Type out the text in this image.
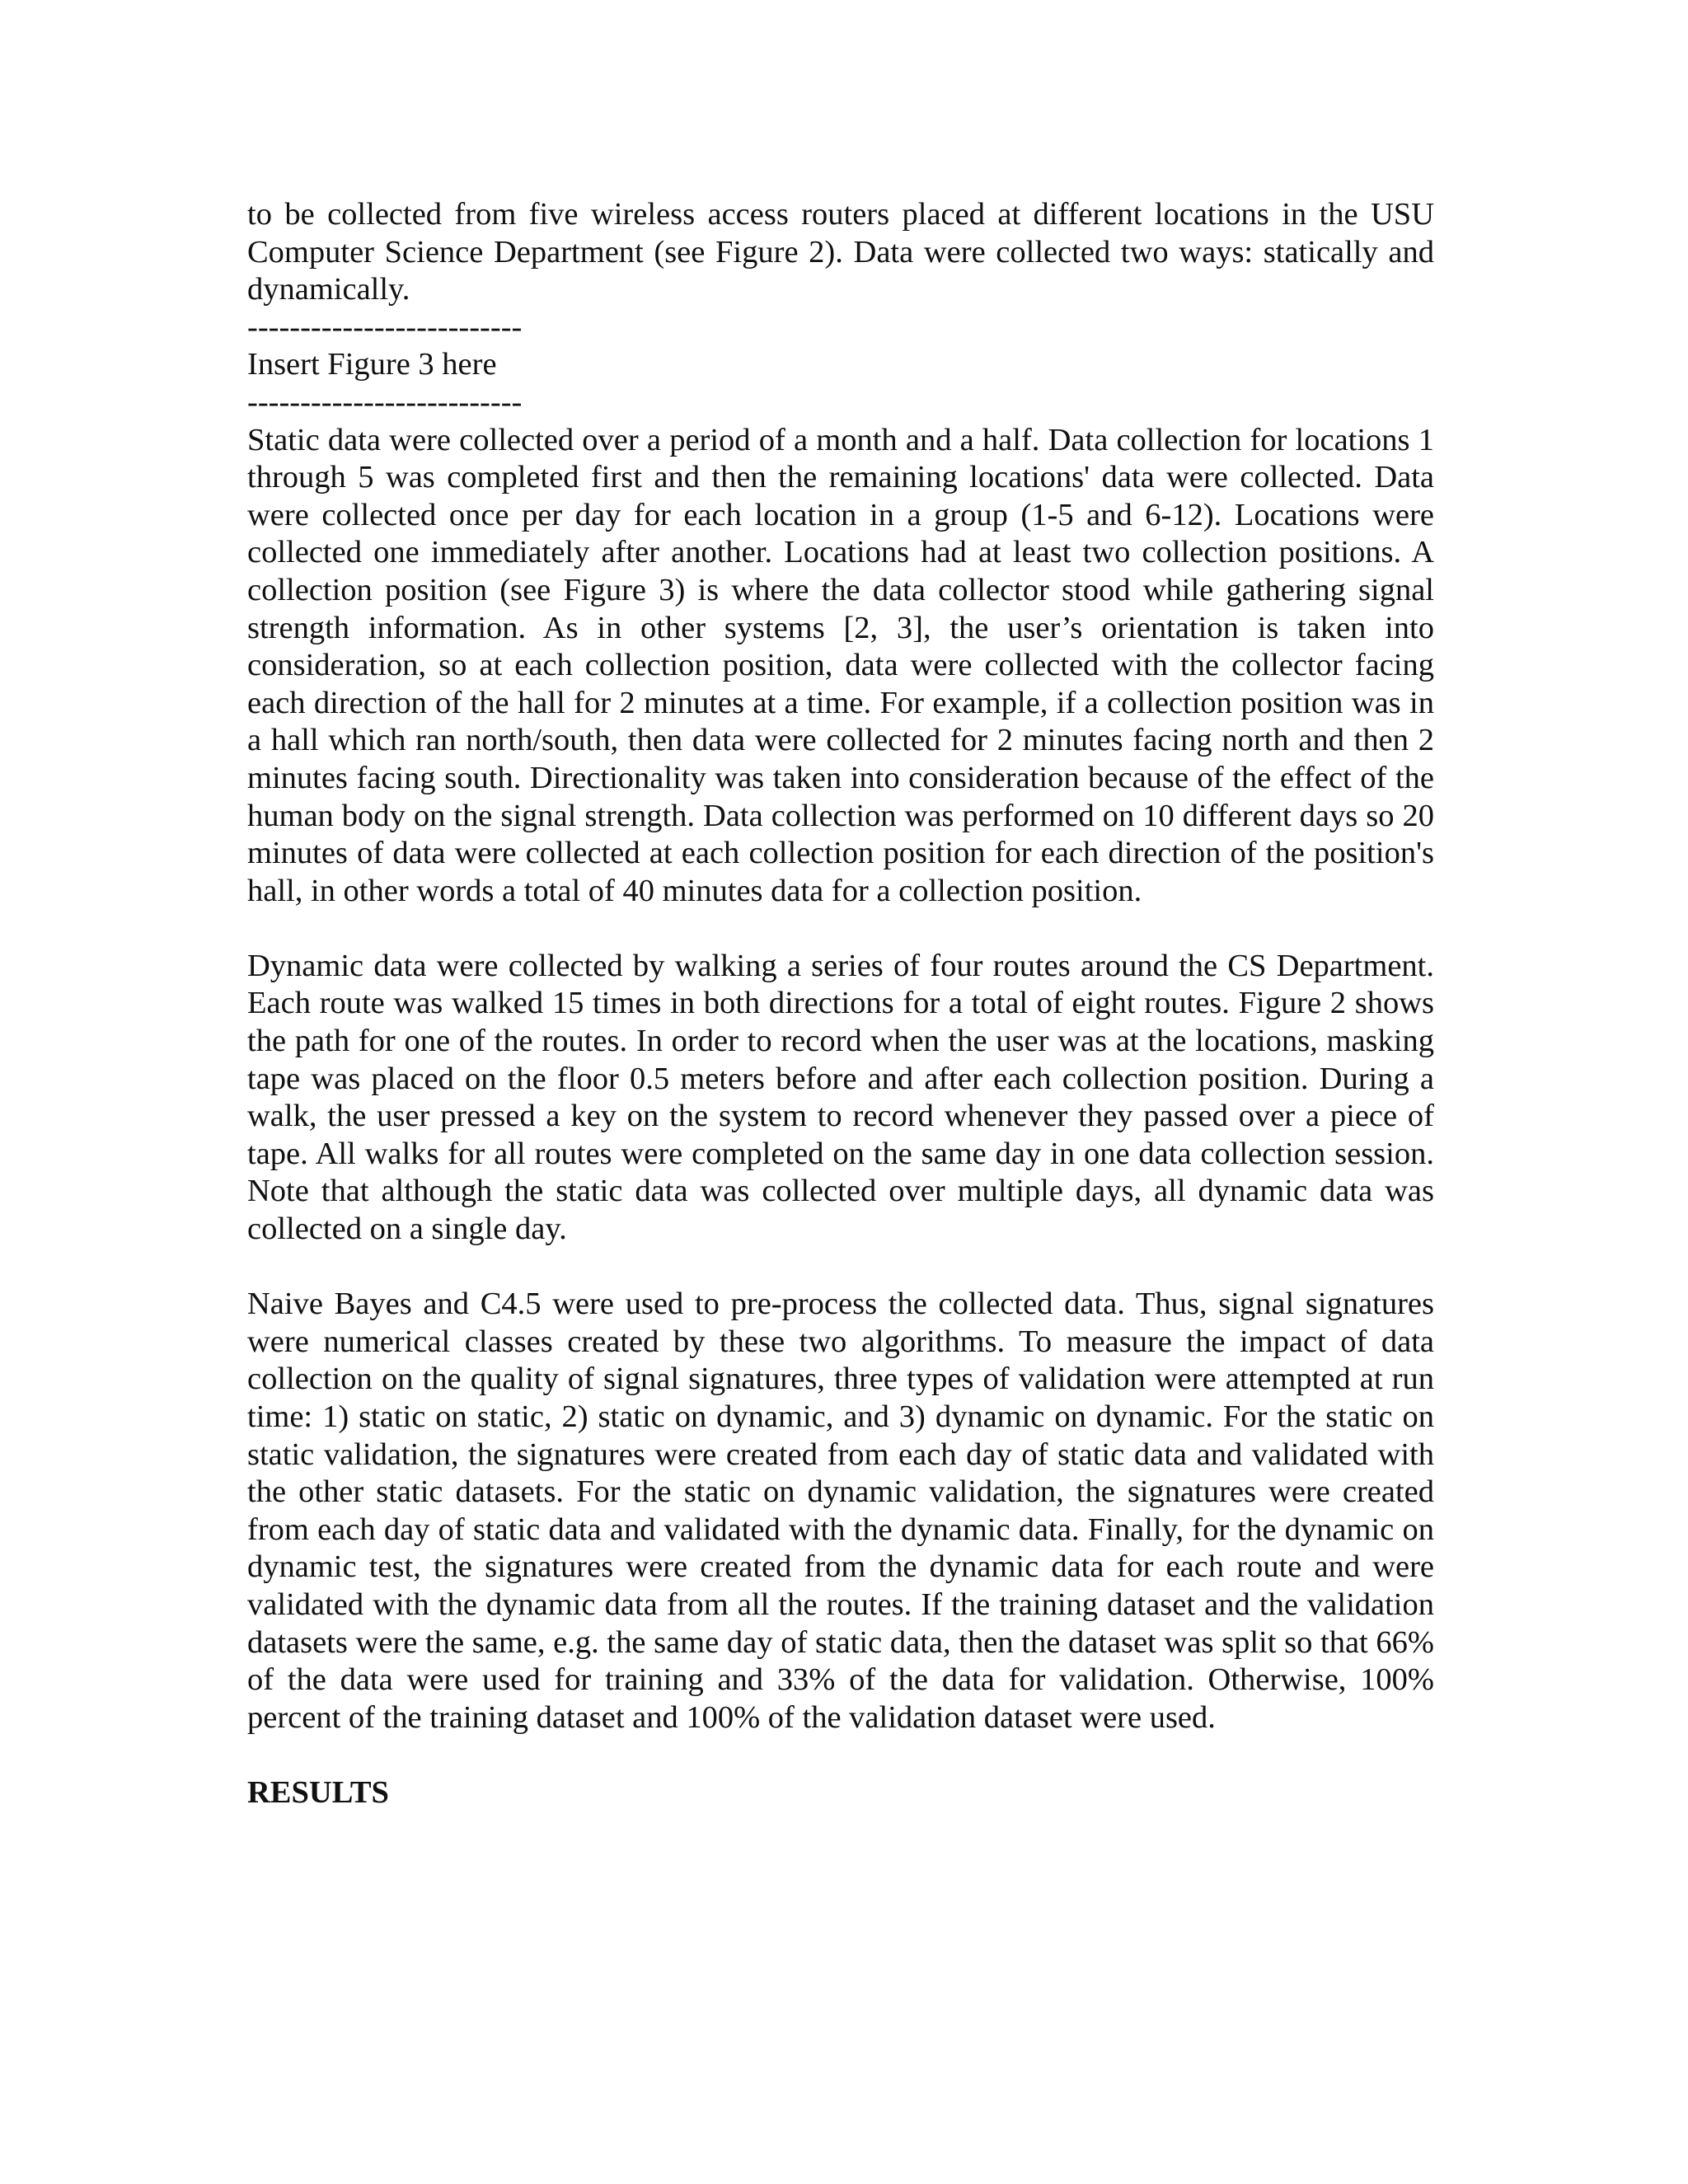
to be collected from five wireless access routers placed at different locations in the USU Computer Science Department (see Figure 2). Data were collected two ways: statically and dynamically.

--------------------------

Insert Figure 3 here

--------------------------

Static data were collected over a period of a month and a half. Data collection for locations 1 through 5 was completed first and then the remaining locations' data were collected. Data were collected once per day for each location in a group (1-5 and 6-12). Locations were collected one immediately after another. Locations had at least two collection positions. A collection position (see Figure 3) is where the data collector stood while gathering signal strength information. As in other systems [2, 3], the user’s orientation is taken into consideration, so at each collection position, data were collected with the collector facing each direction of the hall for 2 minutes at a time. For example, if a collection position was in a hall which ran north/south, then data were collected for 2 minutes facing north and then 2 minutes facing south. Directionality was taken into consideration because of the effect of the human body on the signal strength. Data collection was performed on 10 different days so 20 minutes of data were collected at each collection position for each direction of the position's hall, in other words a total of 40 minutes data for a collection position.

Dynamic data were collected by walking a series of four routes around the CS Department. Each route was walked 15 times in both directions for a total of eight routes. Figure 2 shows the path for one of the routes. In order to record when the user was at the locations, masking tape was placed on the floor 0.5 meters before and after each collection position. During a walk, the user pressed a key on the system to record whenever they passed over a piece of tape. All walks for all routes were completed on the same day in one data collection session. Note that although the static data was collected over multiple days, all dynamic data was collected on a single day.

Naive Bayes and C4.5 were used to pre-process the collected data. Thus, signal signatures were numerical classes created by these two algorithms. To measure the impact of data collection on the quality of signal signatures, three types of validation were attempted at run time: 1) static on static, 2) static on dynamic, and 3) dynamic on dynamic. For the static on static validation, the signatures were created from each day of static data and validated with the other static datasets. For the static on dynamic validation, the signatures were created from each day of static data and validated with the dynamic data. Finally, for the dynamic on dynamic test, the signatures were created from the dynamic data for each route and were validated with the dynamic data from all the routes. If the training dataset and the validation datasets were the same, e.g. the same day of static data, then the dataset was split so that 66% of the data were used for training and 33% of the data for validation. Otherwise, 100% percent of the training dataset and 100% of the validation dataset were used.

RESULTS
